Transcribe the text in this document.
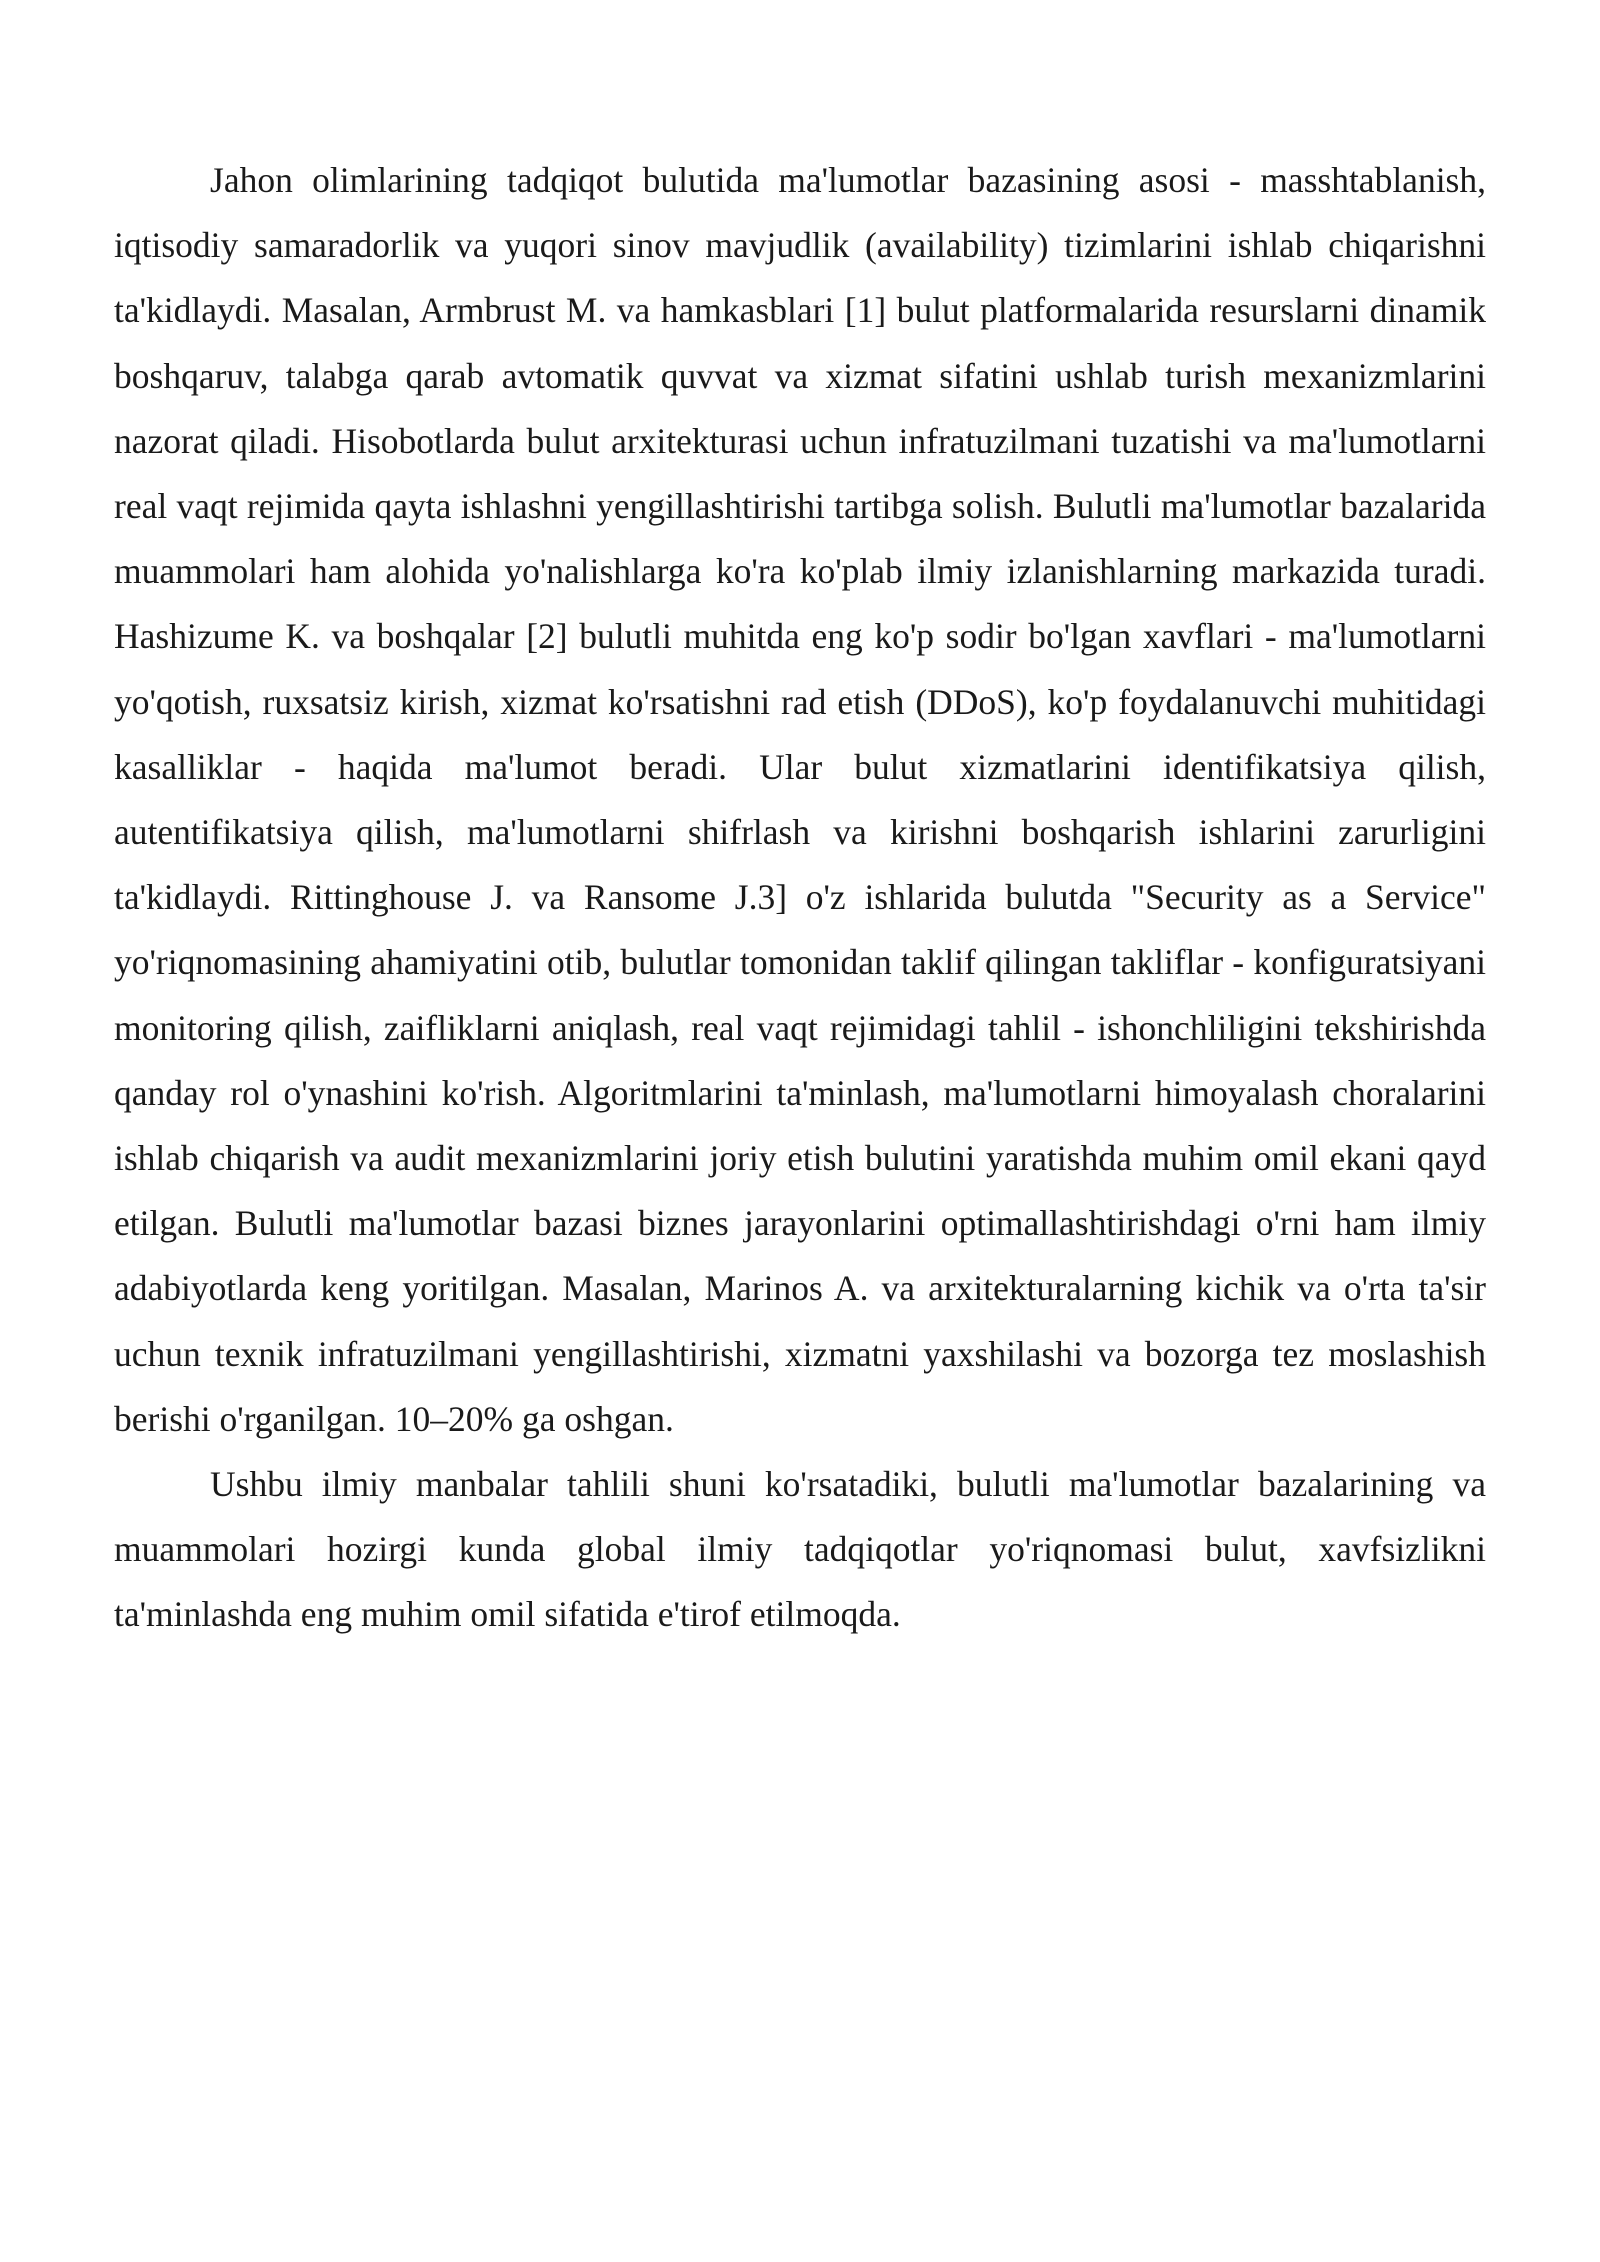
Jahon olimlarining tadqiqot bulutida ma'lumotlar bazasining asosi - masshtablanish, iqtisodiy samaradorlik va yuqori sinov mavjudlik (availability) tizimlarini ishlab chiqarishni ta'kidlaydi. Masalan, Armbrust M. va hamkasblari [1] bulut platformalarida resurslarni dinamik boshqaruv, talabga qarab avtomatik quvvat va xizmat sifatini ushlab turish mexanizmlarini nazorat qiladi. Hisobotlarda bulut arxitekturasi uchun infratuzilmani tuzatishi va ma'lumotlarni real vaqt rejimida qayta ishlashni yengillashtirishi tartibga solish. Bulutli ma'lumotlar bazalarida muammolari ham alohida yo'nalishlarga ko'ra ko'plab ilmiy izlanishlarning markazida turadi. Hashizume K. va boshqalar [2] bulutli muhitda eng ko'p sodir bo'lgan xavflari - ma'lumotlarni yo'qotish, ruxsatsiz kirish, xizmat ko'rsatishni rad etish (DDoS), ko'p foydalanuvchi muhitidagi kasalliklar - haqida ma'lumot beradi. Ular bulut xizmatlarini identifikatsiya qilish, autentifikatsiya qilish, ma'lumotlarni shifrlash va kirishni boshqarish ishlarini zarurligini ta'kidlaydi. Rittinghouse J. va Ransome J.3] o'z ishlarida bulutda "Security as a Service" yo'riqnomasining ahamiyatini otib, bulutlar tomonidan taklif qilingan takliflar - konfiguratsiyani monitoring qilish, zaifliklarni aniqlash, real vaqt rejimidagi tahlil - ishonchliligini tekshirishda qanday rol o'ynashini ko'rish. Algoritmlarini ta'minlash, ma'lumotlarni himoyalash choralarini ishlab chiqarish va audit mexanizmlarini joriy etish bulutini yaratishda muhim omil ekani qayd etilgan. Bulutli ma'lumotlar bazasi biznes jarayonlarini optimallashtirishdagi o'rni ham ilmiy adabiyotlarda keng yoritilgan. Masalan, Marinos A. va arxitekturalarning kichik va o'rta ta'sir uchun texnik infratuzilmani yengillashtirishi, xizmatni yaxshilashi va bozorga tez moslashish berishi o'rganilgan. 10–20% ga oshgan.

Ushbu ilmiy manbalar tahlili shuni ko'rsatadiki, bulutli ma'lumotlar bazalarining va muammolari hozirgi kunda global ilmiy tadqiqotlar yo'riqnomasi bulut, xavfsizlikni ta'minlashda eng muhim omil sifatida e'tirof etilmoqda.
